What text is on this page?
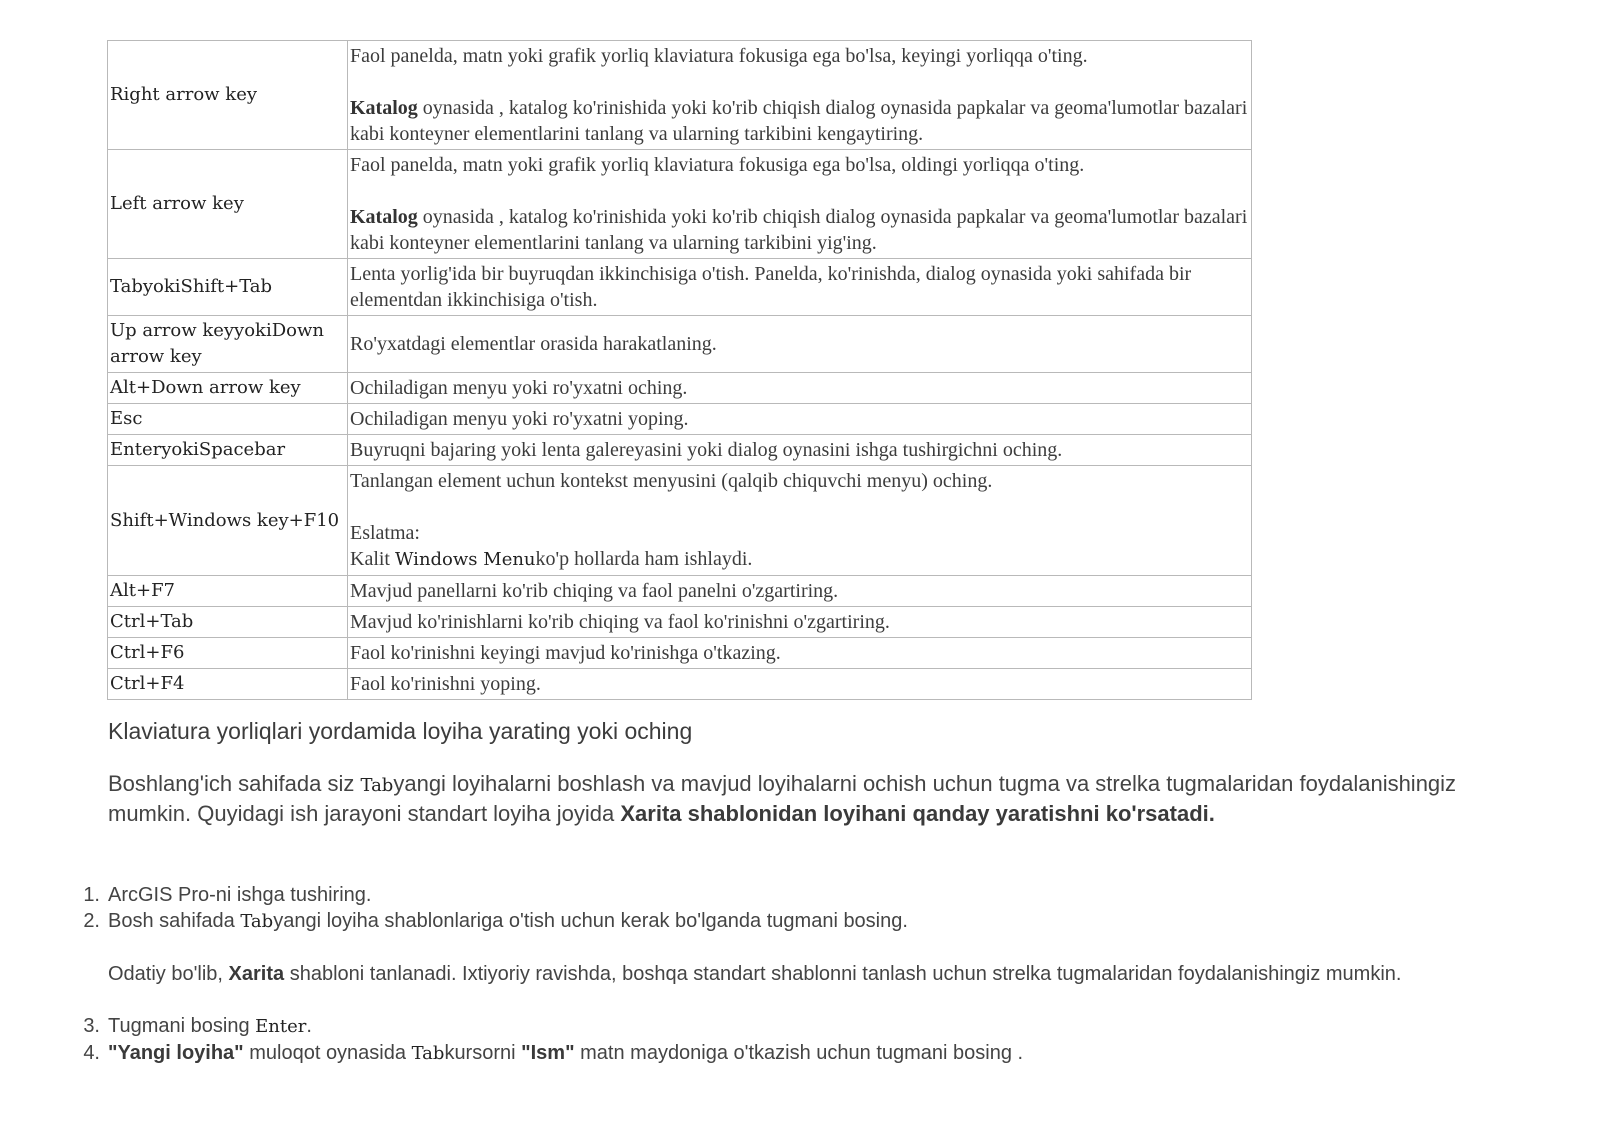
Right arrow key	Faol panelda, matn yoki grafik yorliq klaviatura fokusiga ega bo'lsa, keyingi yorliqqa o'ting.
Katalog oynasida , katalog ko'rinishida yoki ko'rib chiqish dialog oynasida papkalar va geoma'lumotlar bazalari kabi konteyner elementlarini tanlang va ularning tarkibini kengaytiring.

Left arrow key	Faol panelda, matn yoki grafik yorliq klaviatura fokusiga ega bo'lsa, oldingi yorliqqa o'ting.
Katalog oynasida , katalog ko'rinishida yoki ko'rib chiqish dialog oynasida papkalar va geoma'lumotlar bazalari kabi konteyner elementlarini tanlang va ularning tarkibini yig'ing.

TabyokiShift+Tab	Lenta yorlig'ida bir buyruqdan ikkinchisiga o'tish. Panelda, ko'rinishda, dialog oynasida yoki sahifada bir elementdan ikkinchisiga o'tish.
Up arrow keyyokiDown arrow key	Ro'yxatdagi elementlar orasida harakatlaning.
Alt+Down arrow key	Ochiladigan menyu yoki ro'yxatni oching.
Esc	Ochiladigan menyu yoki ro'yxatni yoping.
EnteryokiSpacebar	Buyruqni bajaring yoki lenta galereyasini yoki dialog oynasini ishga tushirgichni oching.
Shift+Windows key+F10	Tanlangan element uchun kontekst menyusini (qalqib chiquvchi menyu) oching.
Eslatma:
Kalit Windows Menuko'p hollarda ham ishlaydi.

Alt+F7	Mavjud panellarni ko'rib chiqing va faol panelni o'zgartiring.
Ctrl+Tab	Mavjud ko'rinishlarni ko'rib chiqing va faol ko'rinishni o'zgartiring.
Ctrl+F6	Faol ko'rinishni keyingi mavjud ko'rinishga o'tkazing.
Ctrl+F4	Faol ko'rinishni yoping.
Klaviatura yorliqlari yordamida loyiha yarating yoki oching
Boshlang'ich sahifada siz Tabyangi loyihalarni boshlash va mavjud loyihalarni ochish uchun tugma va strelka tugmalaridan foydalanishingiz mumkin. Quyidagi ish jarayoni standart loyiha joyida Xarita shablonidan loyihani qanday yaratishni ko'rsatadi.
1. ArcGIS Pro-ni ishga tushiring.
2. Bosh sahifada Tabyangi loyiha shablonlariga o'tish uchun kerak bo'lganda tugmani bosing.
Odatiy bo'lib, Xarita shabloni tanlanadi. Ixtiyoriy ravishda, boshqa standart shablonni tanlash uchun strelka tugmalaridan foydalanishingiz mumkin.
3. Tugmani bosing Enter.
4. "Yangi loyiha" muloqot oynasida Tabkursorni "Ism" matn maydoniga o'tkazish uchun tugmani bosing .
